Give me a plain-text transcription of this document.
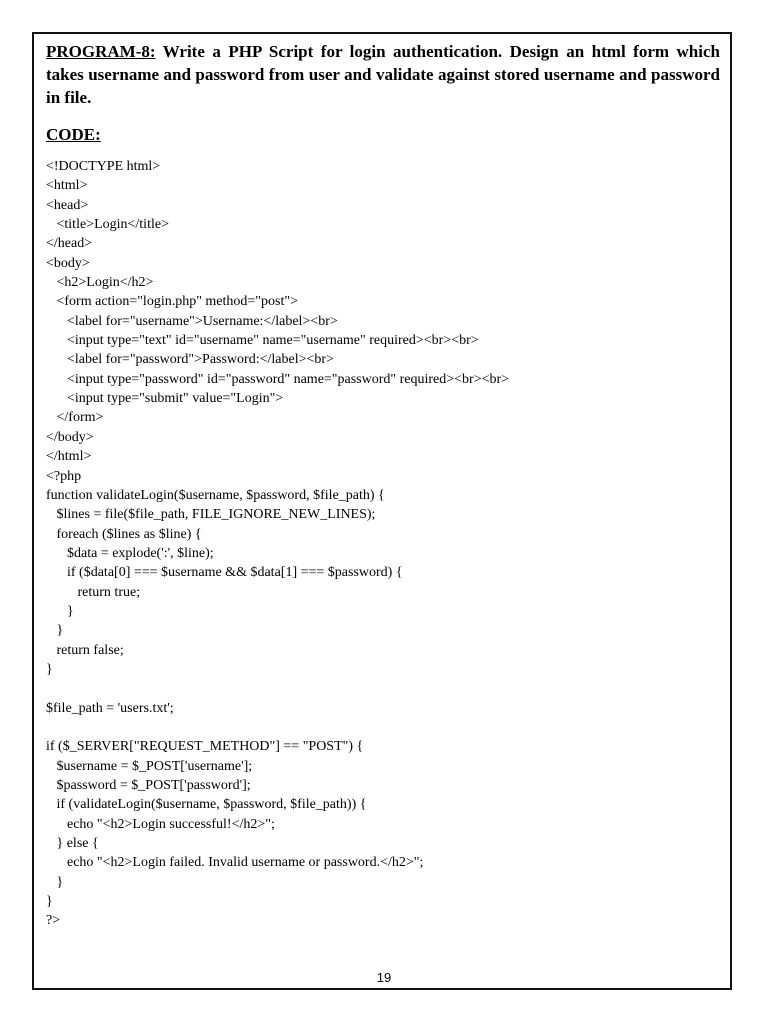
PROGRAM-8: Write a PHP Script for login authentication. Design an html form which takes username and password from user and validate against stored username and password in file.

CODE:
<!DOCTYPE html>
<html>
<head>
<title>Login</title>
</head>
<body>
<h2>Login</h2>
<form action="login.php" method="post">
<label for="username">Username:</label><br>
<input type="text" id="username" name="username" required><br><br>
<label for="password">Password:</label><br>
<input type="password" id="password" name="password" required><br><br>
<input type="submit" value="Login">
</form>
</body>
</html>
<?php
function validateLogin($username, $password, $file_path) {
$lines = file($file_path, FILE_IGNORE_NEW_LINES);
foreach ($lines as $line) {
$data = explode(':', $line);
if ($data[0] === $username && $data[1] === $password) {
return true;
}
}
return false;
}
$file_path = 'users.txt';
if ($_SERVER["REQUEST_METHOD"] == "POST") {
$username = $_POST['username'];
$password = $_POST['password'];
if (validateLogin($username, $password, $file_path)) {
echo "<h2>Login successful!</h2>";
} else {
echo "<h2>Login failed. Invalid username or password.</h2>";
}
}
?>
19
